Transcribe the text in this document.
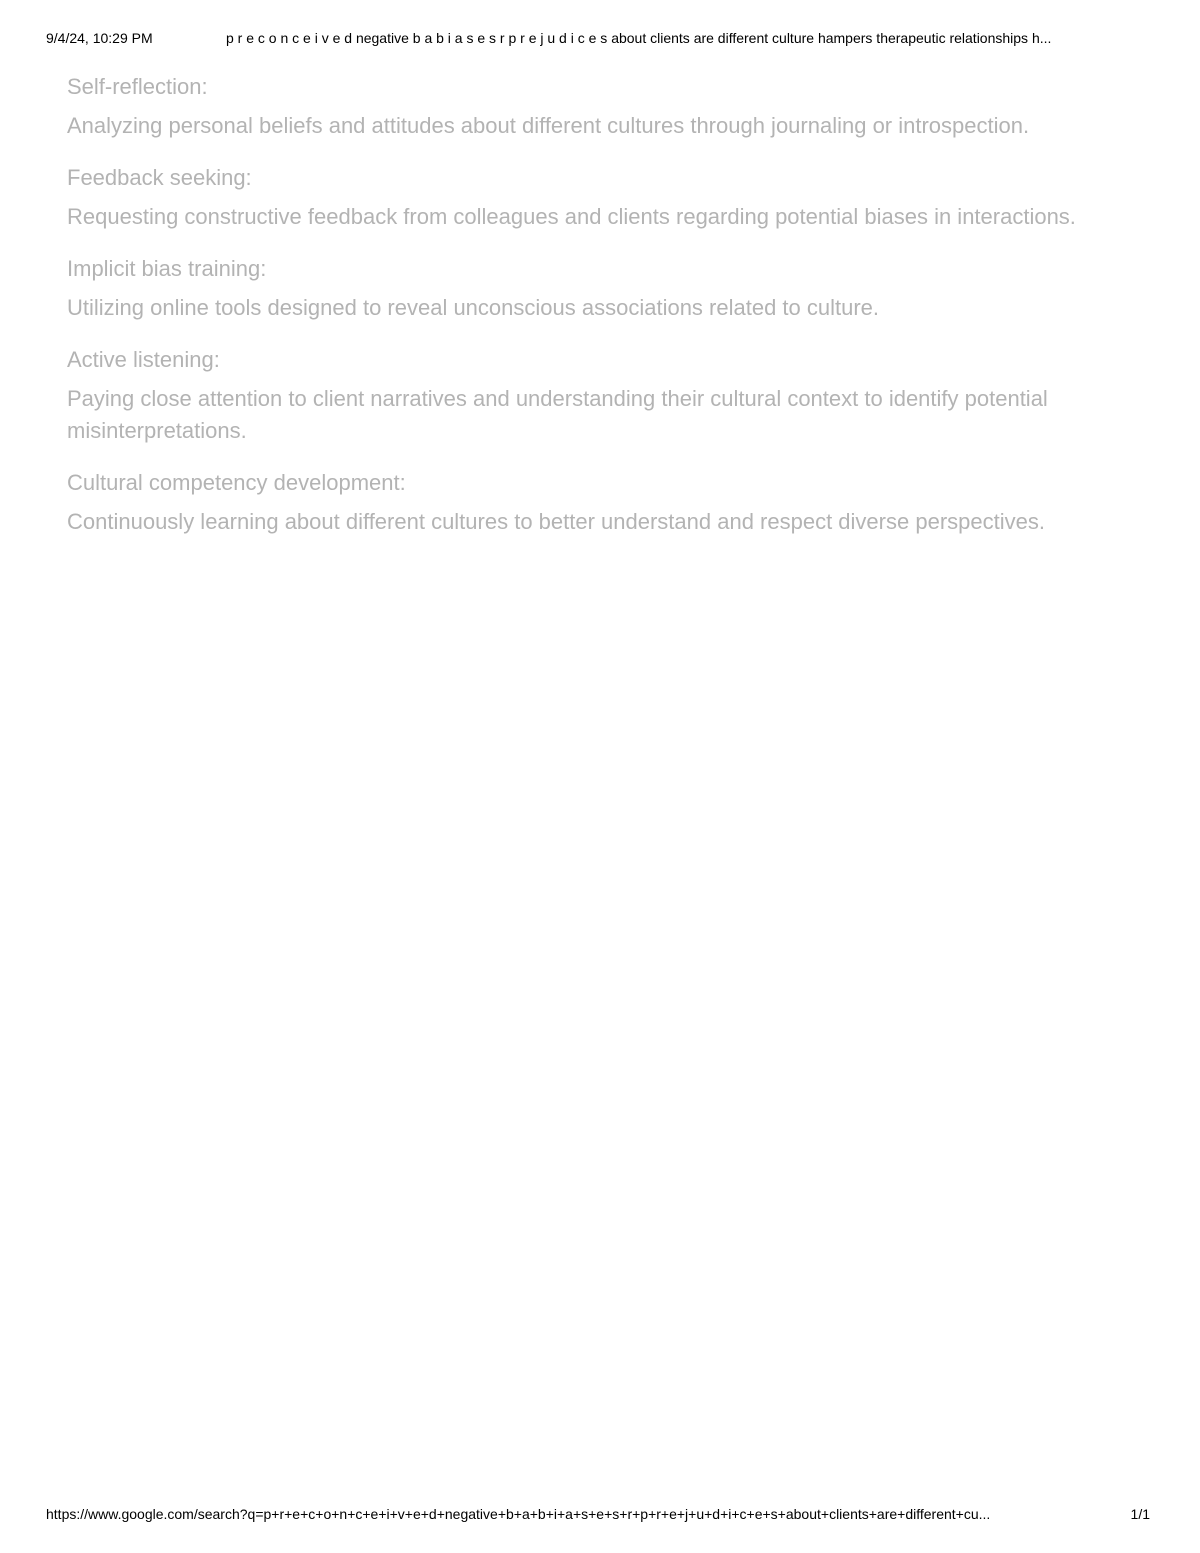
9/4/24, 10:29 PM	p r e c o n c e i v e d negative b a b i a s e s r p r e j u d i c e s about clients are different culture hampers therapeutic relationships h...
Self-reflection:
Analyzing personal beliefs and attitudes about different cultures through journaling or introspection.
Feedback seeking:
Requesting constructive feedback from colleagues and clients regarding potential biases in interactions.
Implicit bias training:
Utilizing online tools designed to reveal unconscious associations related to culture.
Active listening:
Paying close attention to client narratives and understanding their cultural context to identify potential misinterpretations.
Cultural competency development:
Continuously learning about different cultures to better understand and respect diverse perspectives.
https://www.google.com/search?q=p+r+e+c+o+n+c+e+i+v+e+d+negative+b+a+b+i+a+s+e+s+r+p+r+e+j+u+d+i+c+e+s+about+clients+are+different+cu...	1/1
